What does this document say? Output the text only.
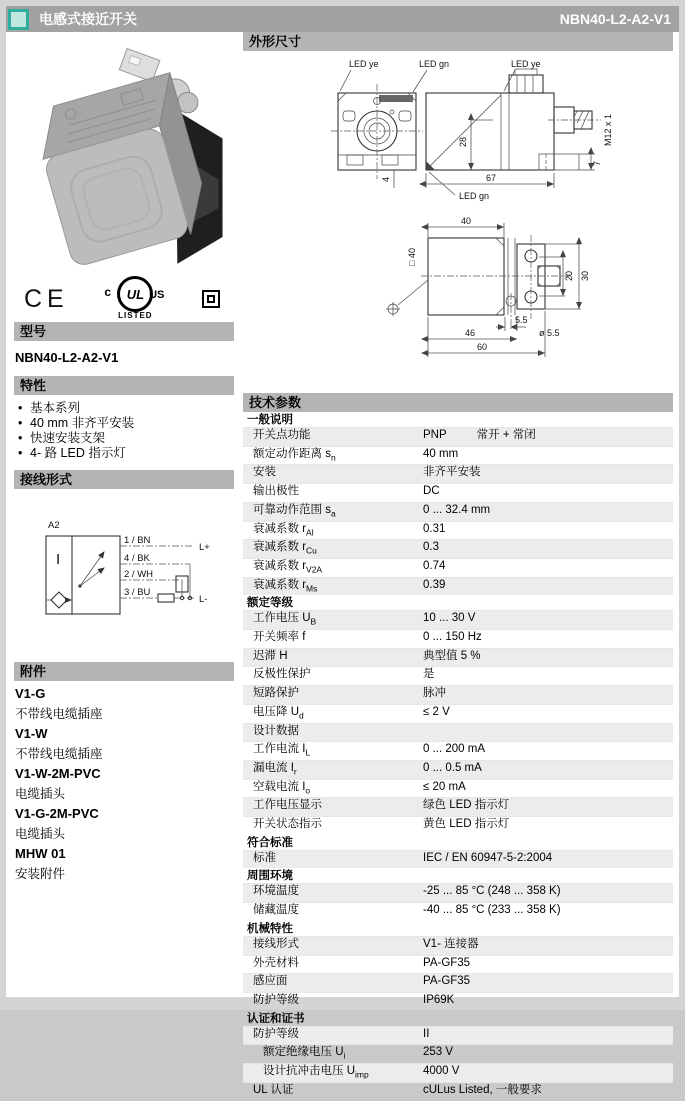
电感式接近开关	NBN40-L2-A2-V1
CE	c UL US
LISTED
型号
NBN40-L2-A2-V1
特性
• 基本系列
• 40 mm 非齐平安装
• 快速安装支架
• 4- 路 LED 指示灯
接线形式
A2
I
1 / BN
4 / BK
2 / WH
3 / BU
L+
L-
附件
V1-G
不带线电缆插座
V1-W
不带线电缆插座
V1-W-2M-PVC
电缆插头
V1-G-2M-PVC
电缆插头
MHW 01
安装附件
外形尺寸
4
LED ye	LED gn
28
67
7
M12 x 1
LED ye
LED gn
□ 40
40
20 30
5.5
46	ø 5.5
60
技术参数
一般说明
开关点功能	PNP	常开 + 常闭
额定动作距离 $s_n$	40 mm
安装	非齐平安装
输出极性	DC
可靠动作范围 $s_a$	0 ... 32.4 mm
衰减系数 $r_{Al}$	0.31
衰减系数 $r_{Cu}$	0.3
衰减系数 $r_{V2A}$	0.74
衰减系数 $r_{Ms}$	0.39
额定等级
工作电压 $U_B$	10 ... 30 V
开关频率 f	0 ... 150 Hz
迟滞 H	典型值 5 %
反极性保护	是
短路保护	脉冲
电压降 $U_d$	≤ 2 V
设计数据
工作电流 $I_L$	0 ... 200 mA
漏电流 $I_r$	0 ... 0.5 mA
空载电流 $I_o$	≤ 20 mA
工作电压显示	绿色 LED 指示灯
开关状态指示	黄色 LED 指示灯
符合标准
标准	IEC / EN 60947-5-2:2004
周围环境
环境温度	-25 ... 85 °C (248 ... 358 K)
储藏温度	-40 ... 85 °C (233 ... 358 K)
机械特性
接线形式	V1- 连接器
外壳材料	PA-GF35
感应面	PA-GF35
防护等级	IP69K
认证和证书
防护等级	II
额定绝缘电压 $U_i$	253 V
设计抗冲击电压 $U_{imp}$	4000 V
UL 认证	cULus Listed, 一般要求
